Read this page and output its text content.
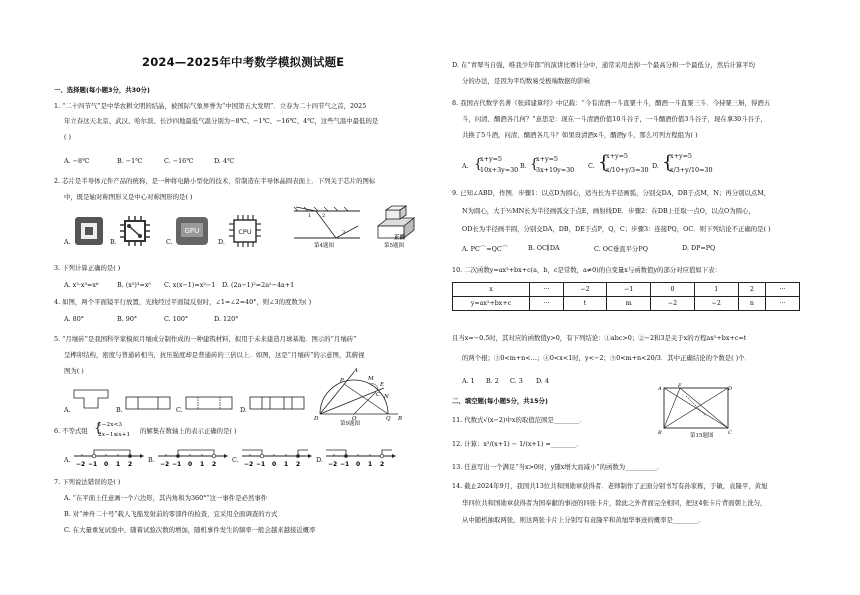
2024—2025年中考数学模拟测试题E
一、选择题(每小题3分，共30分)
1. “二十四节气”是中华农耕文明的结晶，被国际气象界誉为“中国第五大发明”．立春为二十四节气之首，2025
年立春这天北京、武汉、哈尔滨、长沙四地最低气温分别为−8℃、−1℃、−16℃、4℃，这些气温中最低的是
( )
A. −8℃	B. −1℃	C. −16℃	D. 4℃
2. 芯片是半导体元件产品的统称，是一种将电路小型化的技术，常制造在半导体晶圆表面上．下列关于芯片的图标
中，既是轴对称图形又是中心对称图形的是( )
A.	B.	C.
GPU
D.
CPU
1 2
3
第4题图
正面
第5题图
3. 下列计算正确的是( )
A. x²·x³=x⁶	B. (x²)³=x⁵ C. x(x−1)=x²−1 D. (2a−1)²=2a²−4a+1
4. 如图，两个平面镜平行放置，光线经过平面镜反射时，∠1=∠2=40°，则∠3的度数为( )
A. 80°	B. 90°	C. 100°	D. 120°
5. “月壤砖”是我国科学家模拟月壤成分制作成的一种建筑材料，拟用于未来建造月球基地．图示的“月壤砖”
呈榫卯结构，密度与普通砖相当，抗压强度却是普通砖的三倍以上．如图，这是“月壤砖”的示意图，其俯视
图为( )
A.	B.	C.	D.
D	O	Q B
P
A
E
C
M
N
第9题图
6. 不等式组
1−2x<3
2x−1≤x+1
{	的解集在数轴上的表示正确的是( )
A.
−2 −1 0 1 2
B.
−2 −1 0 1 2
C.
−2 −1 0 1 2
D.
−2 −1 0 1 2
7. 下列说法错误的是( )
A. “在平面上任意画一个六边形，其内角和为360°”这一事件是必然事件
B. 对“神舟二十号”载人飞船发射前的零部件的检查，宜采用全面调查的方式
C. 在大量重复试验中，随着试验次数的增加，随机事件发生的频率一般会越来越接近概率
D. 在“青翠当自强，唯我少年郎”的演讲比赛计分中，通常采用去掉一个最高分和一个最低分，然后计算平均
分的办法，是因为平均数易受极端数据的影响
8. 我国古代数学名著《张邱建算经》中记载：“今有清酒一斗直粟十斗，醑酒一斗直粟三斗．今持粟三斛，得酒五
斗，问清、醑酒各几何？”意思是：现在一斗清酒价值10斗谷子，一斗醑酒价值3斗谷子，现在拿30斗谷子，
共换了5斗酒，问清，醑酒各几斗？如果设清酒x斗，醑酒y斗，那么可列方程组为( )
A. {
x+y=5
10x+3y=30 B. {
x+y=5
3x+10y=30 C. {
x+y=5
x/10+y/3=30 D. {
x+y=5
x/3+y/10=30
9. 已知∠ABD，作图．步骤1：以点D为圆心，适当长为半径画弧，分别交DA，DB于点M，N；再分别以点M，
N为圆心，大于½MN长为半径画弧交于点E，画射线DE．步骤2：在DB上任取一点O，以点O为圆心，
OD长为半径画半圆，分别交DA，DB，DE于点P，Q，C；步骤3：连接PQ，OC．则下列结论不正确的是( )
A. PC⌒=QC⌒	B. OC∥DA	C. OC垂直平分PQ	D. DP=PQ
10. 二次函数y=ax²+bx+c(a，b，c是常数，a≠0)的自变量x与函数值y的部分对应值如下表：
x	···	−2	−1	0	1	2	···
y=ax²+bx+c	···	t	m	−2	−2	n	···
且当x=−0.5时，其对应的函数值y>0，有下列结论：①abc>0；②−2和3是关于x的方程ax²+bx+c=t
的两个根；③0<m+n<…；④0<x<1时，y<−2；⑤0<m+n<20/3．其中正确结论的个数是( )个．
A. 1 B. 2 C. 3 D. 4
二、填空题(每小题5分，共15分)
11. 代数式√(x−2)中x的取值范围是________．
12. 计算：x²/(x+1) − 1/(x+1) =________．
13. 任意写出一个满足“当x>0时，y随x增大而减小”的函数为__________．
14. 截止2024年9月，我国共13位共和国勋章获得者．老师制作了正面分别书写有孙家栋，于敏，袁隆平，黄旭
华四位共和国勋章获得者为国奉献的事迹的四张卡片，除此之外背面完全相同，把这4张卡片背面朝上洗匀，
从中随机抽取两张，则这两张卡片上分别写有袁隆平和黄旭华事迹的概率是________．
A
B	C
D
F
第15题图
